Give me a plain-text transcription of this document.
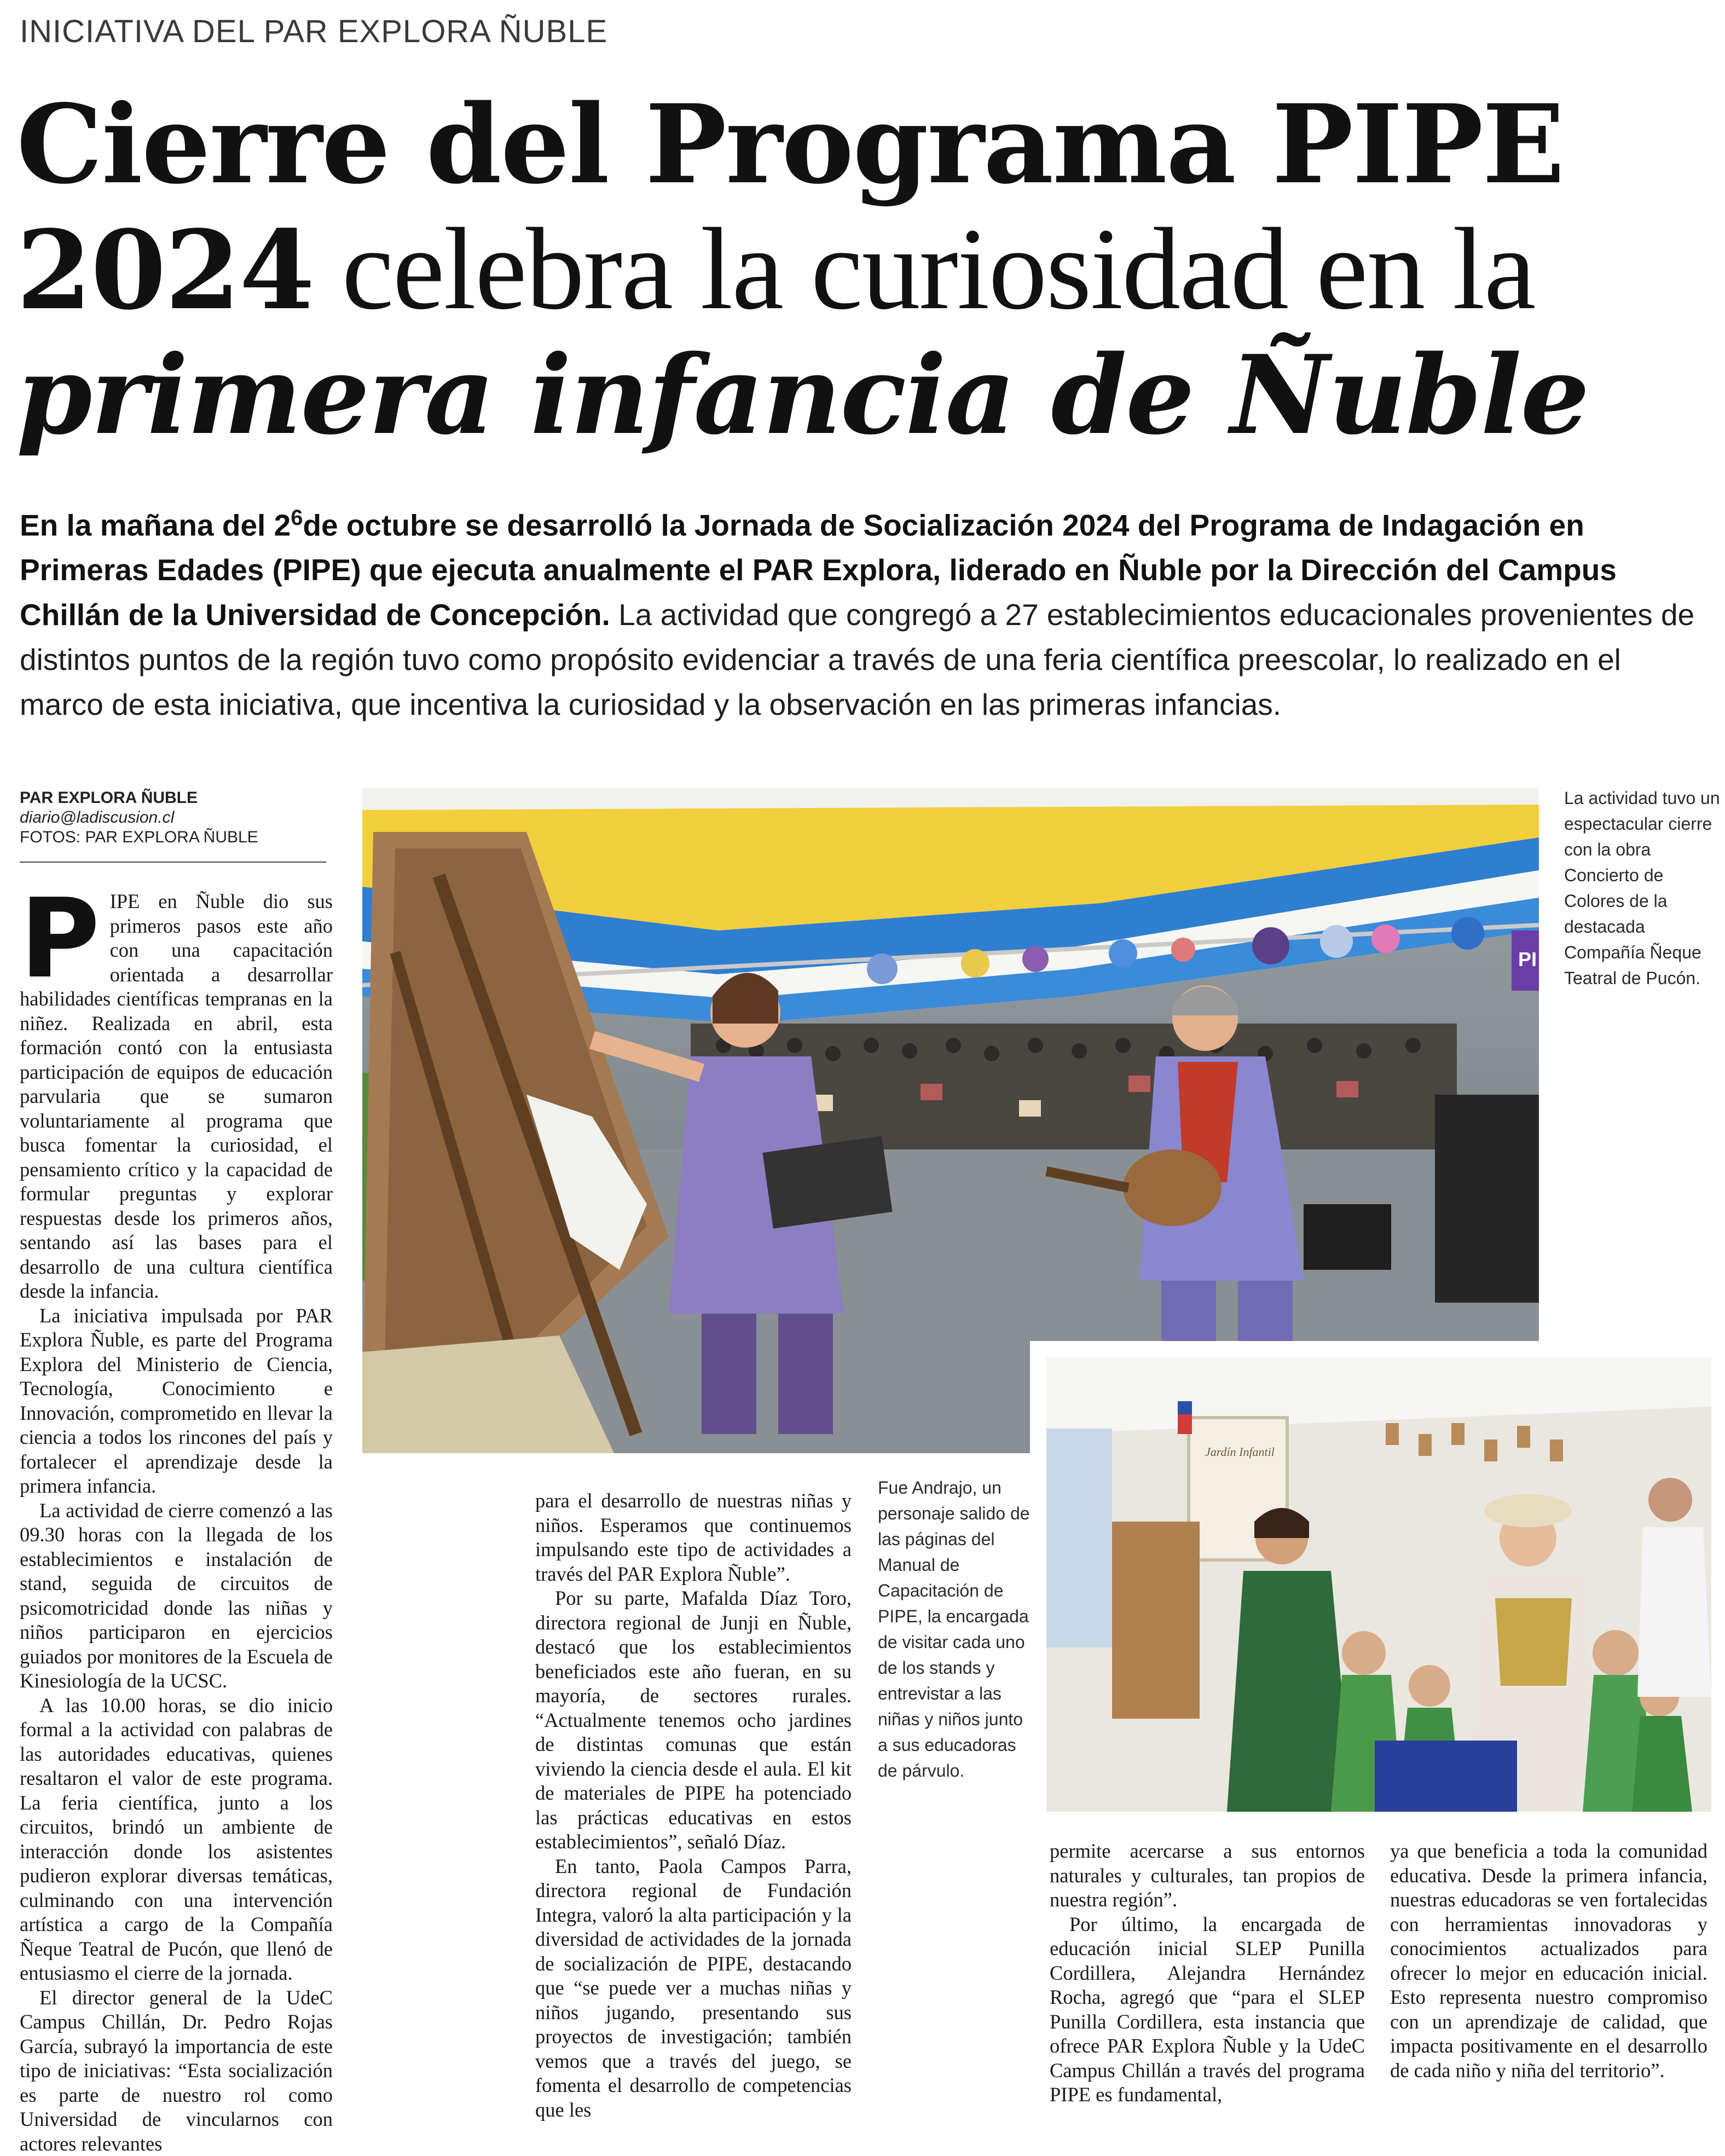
INICIATIVA DEL PAR EXPLORA ÑUBLE
Cierre del Programa PIPE
2024 celebra la curiosidad en la
primera infancia de Ñuble
En la mañana del $2^6de$ octubre se desarrolló la Jornada de Socialización 2024 del Programa de Indagación en Primeras Edades (PIPE) que ejecuta anualmente el PAR Explora, liderado en Ñuble por la Dirección del Campus Chillán de la Universidad de Concepción. La actividad que congregó a 27 establecimientos educacionales provenientes de distintos puntos de la región tuvo como propósito evidenciar a través de una feria científica preescolar, lo realizado en el marco de esta iniciativa, que incentiva la curiosidad y la observación en las primeras infancias.
PAR EXPLORA ÑUBLE
diario@ladiscusion.cl
FOTOS: PAR EXPLORA ÑUBLE
PI
La actividad tuvo un espectacular cierre con la obra Concierto de Colores de la destacada Compañía Ñeque Teatral de Pucón.
P IPE en Ñuble dio sus primeros pasos este año con una capacitación orientada a desarrollar habilidades científicas tempranas en la niñez. Realizada en abril, esta formación contó con la entusiasta participación de equipos de educación parvularia que se sumaron voluntariamente al programa que busca fomentar la curiosidad, el pensamiento crítico y la capacidad de formular preguntas y explorar respuestas desde los primeros años, sentando así las bases para el desarrollo de una cultura científica desde la infancia.

La iniciativa impulsada por PAR Explora Ñuble, es parte del Programa Explora del Ministerio de Ciencia, Tecnología, Conocimiento e Innovación, comprometido en llevar la ciencia a todos los rincones del país y fortalecer el aprendizaje desde la primera infancia.

La actividad de cierre comenzó a las 09.30 horas con la llegada de los establecimientos e instalación de stand, seguida de circuitos de psicomotricidad donde las niñas y niños participaron en ejercicios guiados por monitores de la Escuela de Kinesiología de la UCSC.

A las 10.00 horas, se dio inicio formal a la actividad con palabras de las autoridades educativas, quienes resaltaron el valor de este programa. La feria científica, junto a los circuitos, brindó un ambiente de interacción donde los asistentes pudieron explorar diversas temáticas, culminando con una intervención artística a cargo de la Compañía Ñeque Teatral de Pucón, que llenó de entusiasmo el cierre de la jornada.

El director general de la UdeC Campus Chillán, Dr. Pedro Rojas García, subrayó la importancia de este tipo de iniciativas: “Esta socialización es parte de nuestro rol como Universidad de vincularnos con actores relevantes

para el desarrollo de nuestras niñas y niños. Esperamos que continuemos impulsando este tipo de actividades a través del PAR Explora Ñuble”.

Por su parte, Mafalda Díaz Toro, directora regional de Junji en Ñuble, destacó que los establecimientos beneficiados este año fueran, en su mayoría, de sectores rurales. “Actualmente tenemos ocho jardines de distintas comunas que están viviendo la ciencia desde el aula. El kit de materiales de PIPE ha potenciado las prácticas educativas en estos establecimientos”, señaló Díaz.

En tanto, Paola Campos Parra, directora regional de Fundación Integra, valoró la alta participación y la diversidad de actividades de la jornada de socialización de PIPE, destacando que “se puede ver a muchas niñas y niños jugando, presentando sus proyectos de investigación; también vemos que a través del juego, se fomenta el desarrollo de competencias que les

Fue Andrajo, un personaje salido de las páginas del Manual de Capacitación de PIPE, la encargada de visitar cada uno de los stands y entrevistar a las niñas y niños junto a sus educadoras de párvulo.
Jardín Infantil

permite acercarse a sus entornos naturales y culturales, tan propios de nuestra región”.

Por último, la encargada de educación inicial SLEP Punilla Cordillera, Alejandra Hernández Rocha, agregó que “para el SLEP Punilla Cordillera, esta instancia que ofrece PAR Explora Ñuble y la UdeC Campus Chillán a través del programa PIPE es fundamental,

ya que beneficia a toda la comunidad educativa. Desde la primera infancia, nuestras educadoras se ven fortalecidas con herramientas innovadoras y conocimientos actualizados para ofrecer lo mejor en educación inicial. Esto representa nuestro compromiso con un aprendizaje de calidad, que impacta positivamente en el desarrollo de cada niño y niña del territorio”.
